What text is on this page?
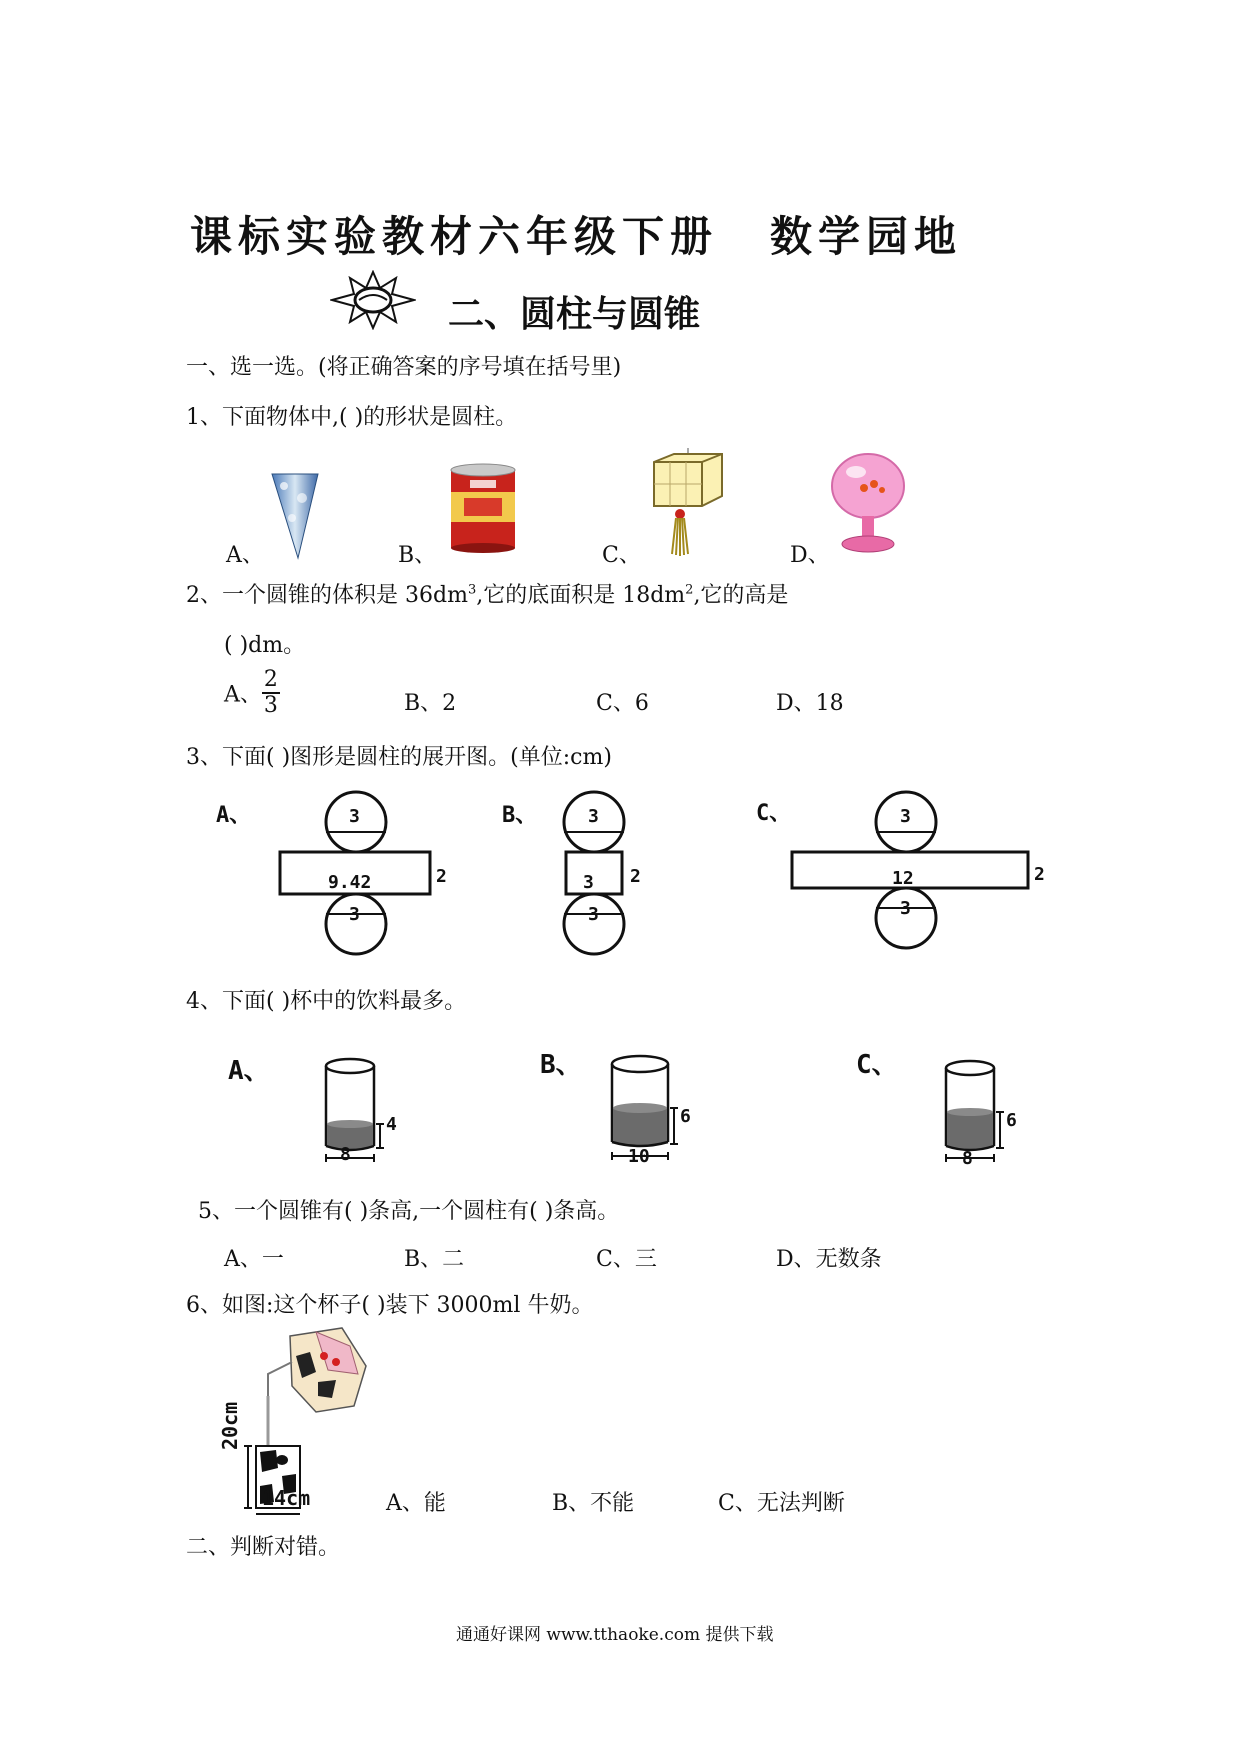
课标实验教材六年级下册 数学园地
二、圆柱与圆锥
一、选一选。(将正确答案的序号填在括号里)
1、下面物体中,( )的形状是圆柱。
A、	B、	C、	D、
2、一个圆锥的体积是 $36dm^3$,它的底面积是 $18dm^2$,它的高是
( )dm。
A、 $\frac{2}{3}$	B、2	C、6	D、18
3、下面( )图形是圆柱的展开图。(单位:cm)
A、	3
9.42	2
3
B、	3
3 2
3
C、	3
12	2
3
4、下面( )杯中的饮料最多。
A、
4
8
B、
6
10
C、
6
8
5、一个圆锥有( )条高,一个圆柱有( )条高。
A、一	B、二	C、三	D、无数条
6、如图:这个杯子( )装下 3000ml 牛奶。
20cm
14cm	A、能	B、不能	C、无法判断
二、判断对错。
通通好课网 www.tthaoke.com 提供下载
